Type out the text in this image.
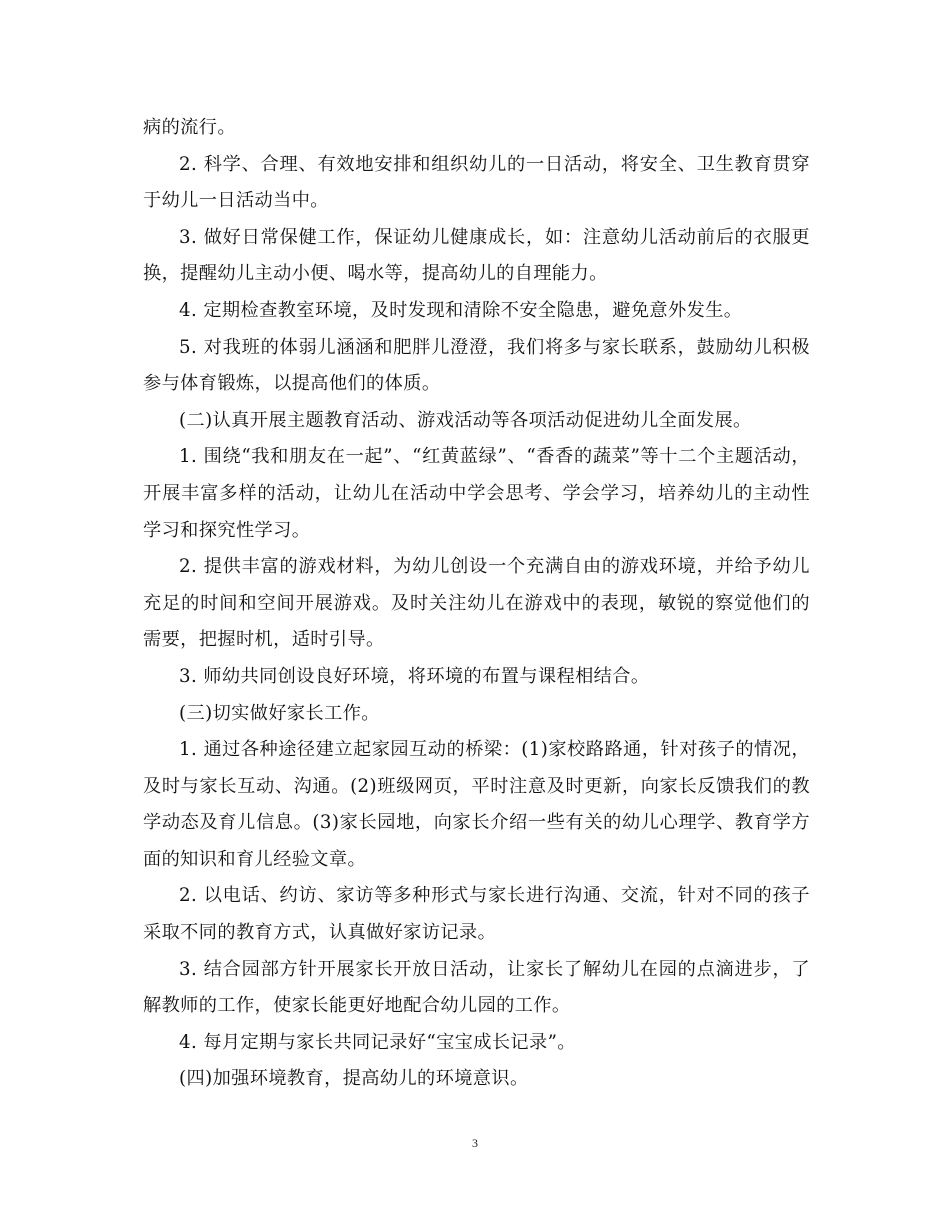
病的流行。

2. 科学、合理、有效地安排和组织幼儿的一日活动，将安全、卫生教育贯穿于幼儿一日活动当中。

3. 做好日常保健工作，保证幼儿健康成长，如：注意幼儿活动前后的衣服更换，提醒幼儿主动小便、喝水等，提高幼儿的自理能力。

4. 定期检查教室环境，及时发现和清除不安全隐患，避免意外发生。

5. 对我班的体弱儿涵涵和肥胖儿澄澄，我们将多与家长联系，鼓励幼儿积极参与体育锻炼，以提高他们的体质。

(二)认真开展主题教育活动、游戏活动等各项活动促进幼儿全面发展。

1. 围绕“我和朋友在一起”、“红黄蓝绿”、“香香的蔬菜”等十二个主题活动，开展丰富多样的活动，让幼儿在活动中学会思考、学会学习，培养幼儿的主动性学习和探究性学习。

2. 提供丰富的游戏材料，为幼儿创设一个充满自由的游戏环境，并给予幼儿充足的时间和空间开展游戏。及时关注幼儿在游戏中的表现，敏锐的察觉他们的需要，把握时机，适时引导。

3. 师幼共同创设良好环境，将环境的布置与课程相结合。

(三)切实做好家长工作。

1. 通过各种途径建立起家园互动的桥梁：(1)家校路路通，针对孩子的情况，及时与家长互动、沟通。(2)班级网页，平时注意及时更新，向家长反馈我们的教学动态及育儿信息。(3)家长园地，向家长介绍一些有关的幼儿心理学、教育学方面的知识和育儿经验文章。

2. 以电话、约访、家访等多种形式与家长进行沟通、交流，针对不同的孩子采取不同的教育方式，认真做好家访记录。

3. 结合园部方针开展家长开放日活动，让家长了解幼儿在园的点滴进步，了解教师的工作，使家长能更好地配合幼儿园的工作。

4. 每月定期与家长共同记录好“宝宝成长记录”。

(四)加强环境教育，提高幼儿的环境意识。

3
